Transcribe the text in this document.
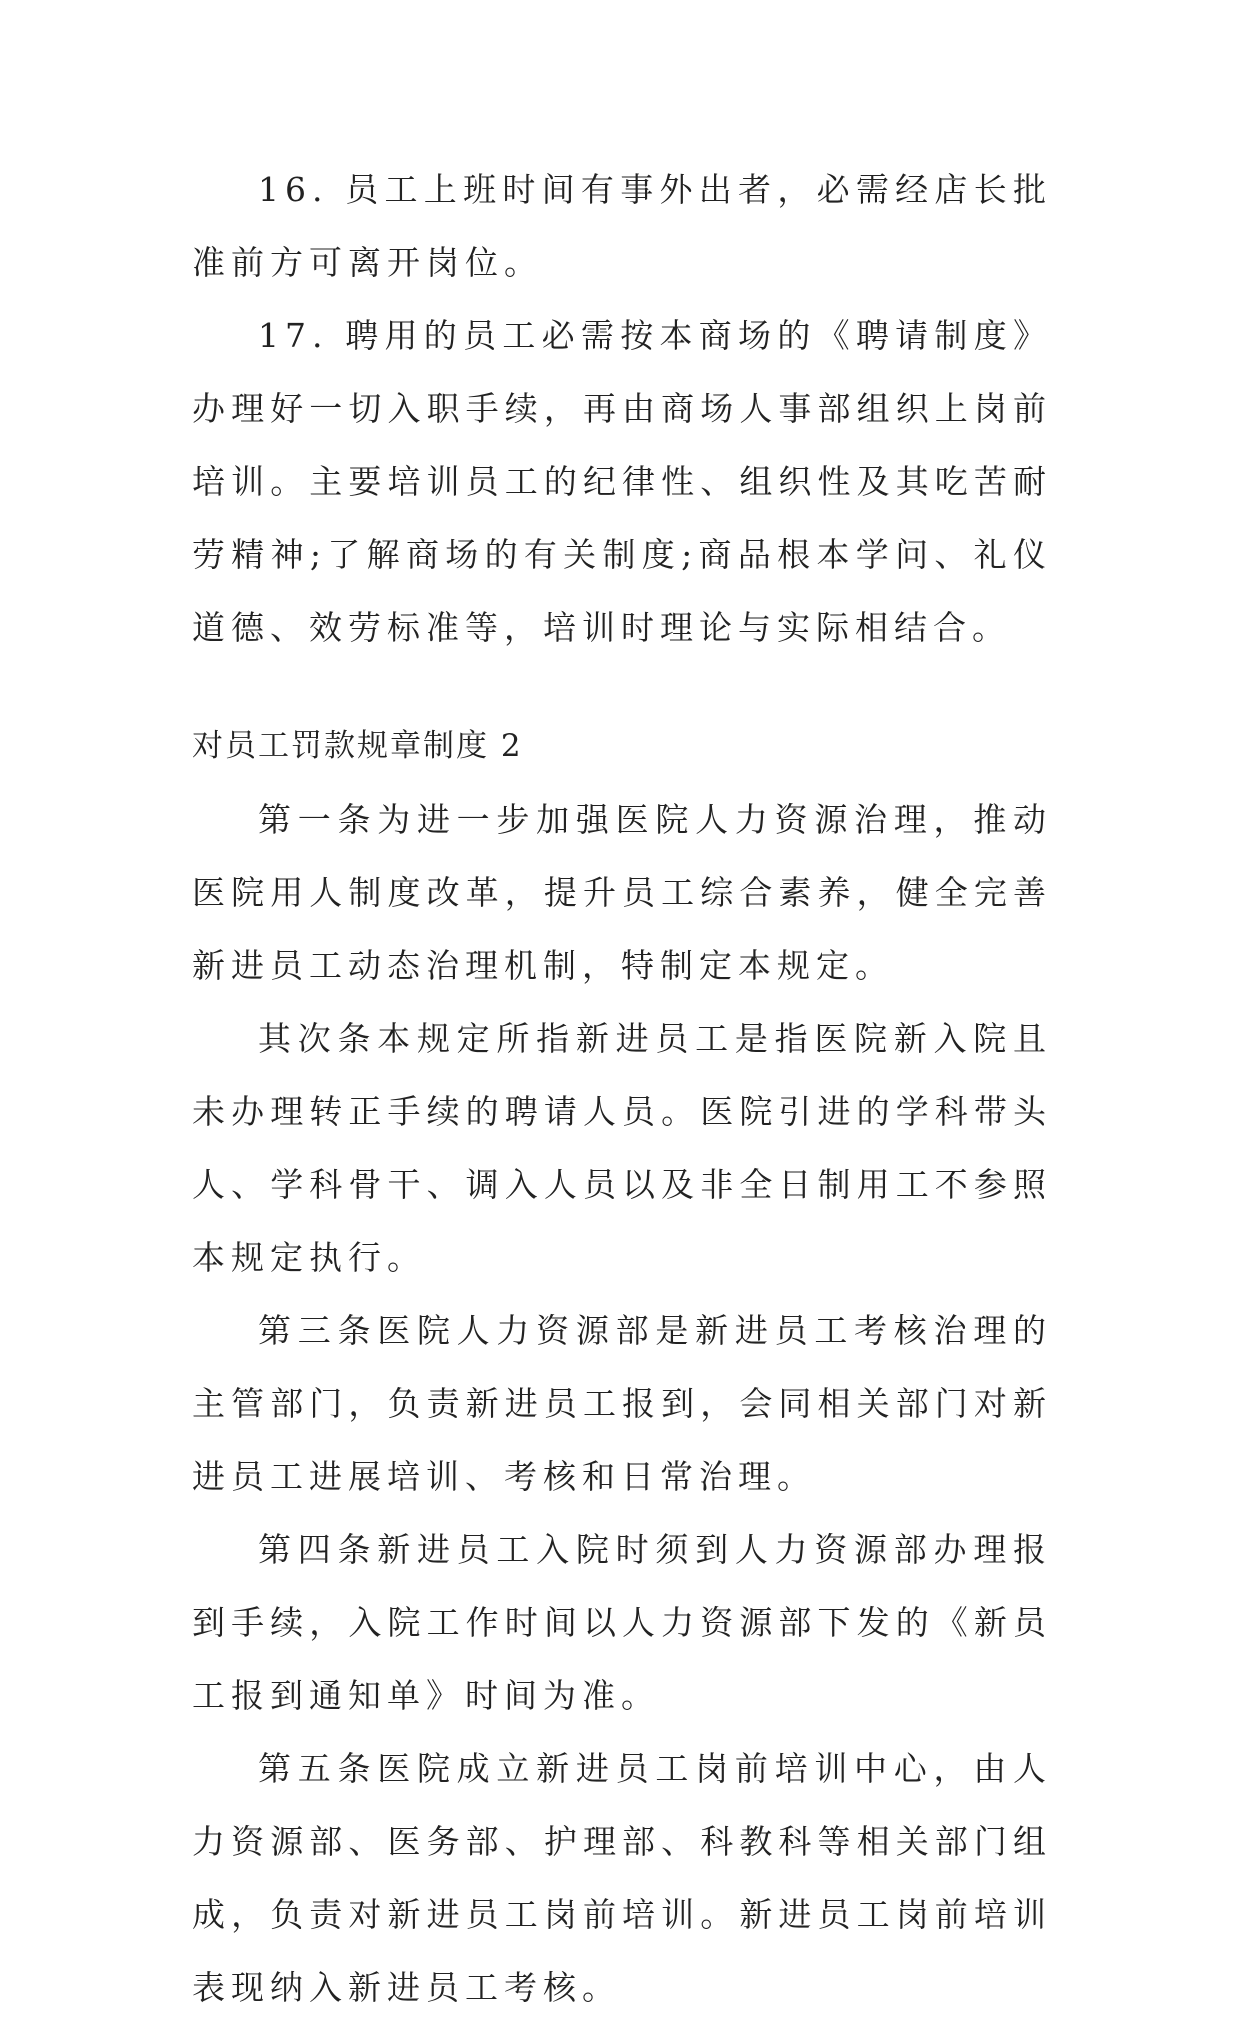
16. 员工上班时间有事外出者，必需经店长批准前方可离开岗位。

17. 聘用的员工必需按本商场的《聘请制度》办理好一切入职手续，再由商场人事部组织上岗前培训。主要培训员工的纪律性、组织性及其吃苦耐劳精神;了解商场的有关制度;商品根本学问、礼仪道德、效劳标准等，培训时理论与实际相结合。

对员工罚款规章制度 2

第一条为进一步加强医院人力资源治理，推动医院用人制度改革，提升员工综合素养，健全完善新进员工动态治理机制，特制定本规定。

其次条本规定所指新进员工是指医院新入院且未办理转正手续的聘请人员。医院引进的学科带头人、学科骨干、调入人员以及非全日制用工不参照本规定执行。

第三条医院人力资源部是新进员工考核治理的主管部门，负责新进员工报到，会同相关部门对新进员工进展培训、考核和日常治理。

第四条新进员工入院时须到人力资源部办理报到手续，入院工作时间以人力资源部下发的《新员工报到通知单》时间为准。

第五条医院成立新进员工岗前培训中心，由人力资源部、医务部、护理部、科教科等相关部门组成，负责对新进员工岗前培训。新进员工岗前培训表现纳入新进员工考核。
